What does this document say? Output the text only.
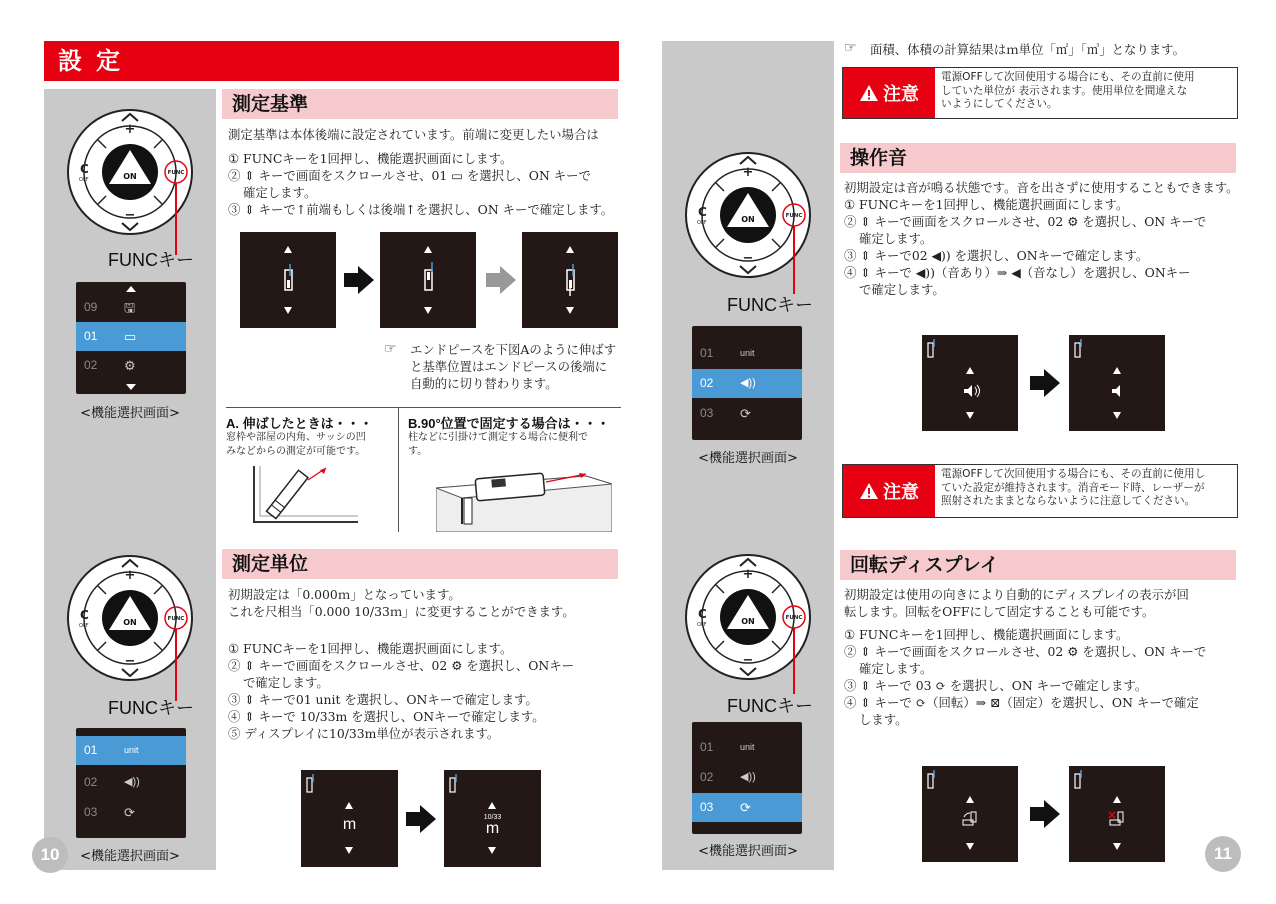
設定
ON
+
−
C
OFF
FUNC
FUNCキー
09 🖫
01 ▭
02 ⚙
<機能選択画面>
ON
+
−
C
OFF
FUNC
FUNCキー
01	unit
02 ◀))
03 ⟳
10	<機能選択画面>
測定基準
測定基準は本体後端に設定されています。前端に変更したい場合は
① FUNCキーを1回押し、機能選択画面にします。
② ⇕ キーで画面をスクロールさせ、01 ▭ を選択し、ON キーで
確定します。
③ ⇕ キーで↑前端もしくは後端↑を選択し、ON キーで確定します。
☞ エンドピースを下図Aのように伸ばす
と基準位置はエンドピースの後端に
自動的に切り替わります。
A. 伸ばしたときは・・・
窓枠や部屋の内角、サッシの凹
みなどからの測定が可能です。
B.90°位置で固定する場合は・・・
柱などに引掛けて測定する場合に便利で
す。
測定単位
初期設定は「0.000ｍ」となっています。
これを尺相当「0.000 10/33ｍ」に変更することができます。
① FUNCキーを1回押し、機能選択画面にします。
② ⇕ キーで画面をスクロールさせ、02 ⚙ を選択し、ONキー
で確定します。
③ ⇕ キーで01 unit を選択し、ONキーで確定します。
④ ⇕ キーで 10/33m を選択し、ONキーで確定します。
⑤ ディスプレイに10/33m単位が表示されます。
m	10/33
m
☞ 面積、体積の計算結果はｍ単位「㎡」「㎥」となります。
注意
電源OFFして次回使用する場合にも、その直前に使用
していた単位が 表示されます。使用単位を間違えな
いようにしてください。
操作音
初期設定は音が鳴る状態です。音を出さずに使用することもできます。
① FUNCキーを1回押し、機能選択画面にします。
② ⇕ キーで画面をスクロールさせ、02 ⚙ を選択し、ON キーで
確定します。
③ ⇕ キーで02 ◀)) を選択し、ONキーで確定します。
④ ⇕ キーで ◀))（音あり）⇒ ◀（音なし）を選択し、ONキー
で確定します。
ON
+
−
C
OFF
FUNC
FUNCキー
01	unit
02 ◀))
03 ⟳
<機能選択画面>
注意
電源OFFして次回使用する場合にも、その直前に使用し
ていた設定が維持されます。消音モード時、レーザーが
照射されたままとならないように注意してください。
回転ディスプレイ
初期設定は使用の向きにより自動的にディスプレイの表示が回
転します。回転をOFFにして固定することも可能です。
① FUNCキーを1回押し、機能選択画面にします。
② ⇕ キーで画面をスクロールさせ、02 ⚙ を選択し、ON キーで
確定します。
③ ⇕ キーで 03 ⟳ を選択し、ON キーで確定します。
④ ⇕ キーで ⟳（回転）⇒ ⊠（固定）を選択し、ON キーで確定
します。
ON
+
−
C
OFF
FUNC
FUNCキー
01	unit
02 ◀))
03 ⟳
<機能選択画面>	11
